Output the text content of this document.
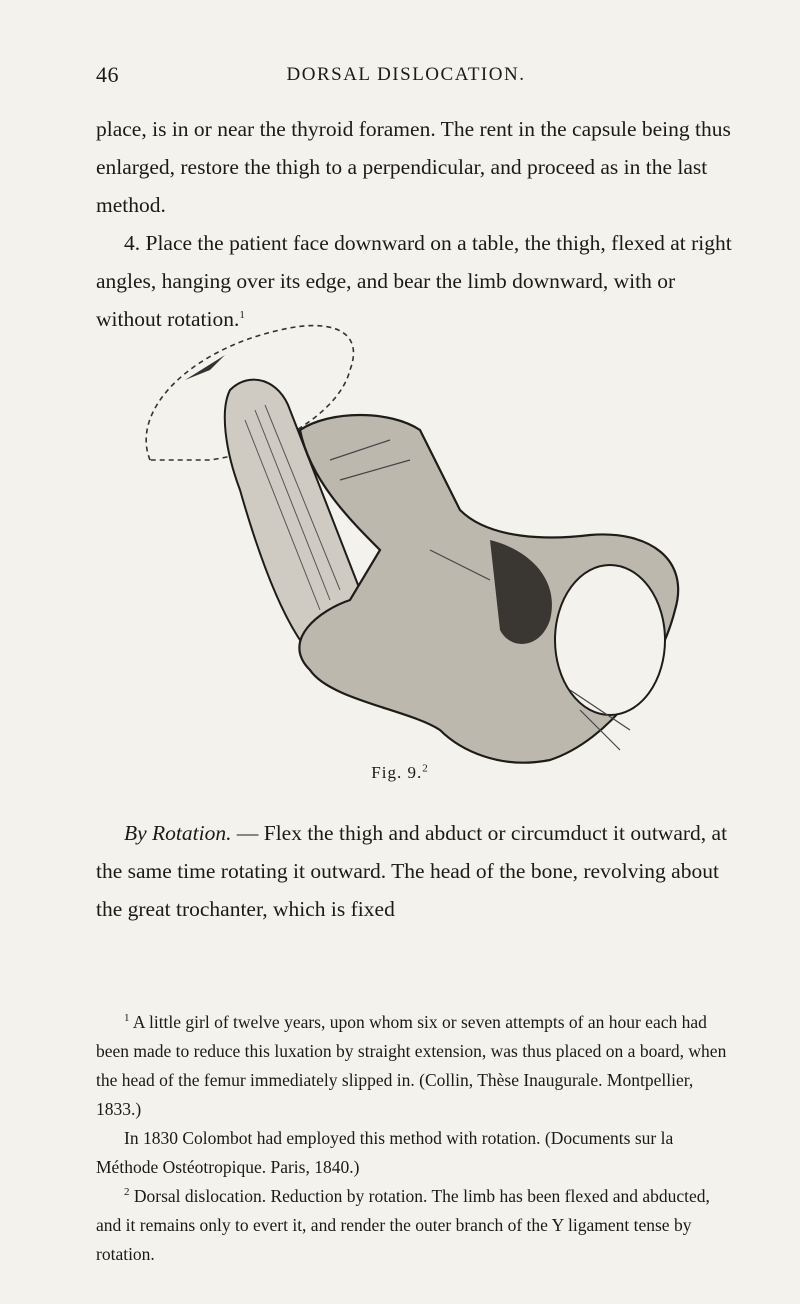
46	DORSAL DISLOCATION.

place, is in or near the thyroid foramen. The rent in the capsule being thus enlarged, restore the thigh to a perpendicular, and proceed as in the last method.

4. Place the patient face downward on a table, the thigh, flexed at right angles, hanging over its edge, and bear the limb downward, with or without rotation.$^1$

Fig. 9.$^2$

By Rotation. — Flex the thigh and abduct or circumduct it outward, at the same time rotating it outward. The head of the bone, revolving about the great trochanter, which is fixed

$^1$ A little girl of twelve years, upon whom six or seven attempts of an hour each had been made to reduce this luxation by straight extension, was thus placed on a board, when the head of the femur immediately slipped in. (Collin, Thèse Inaugurale. Montpellier, 1833.)

In 1830 Colombot had employed this method with rotation. (Documents sur la Méthode Ostéotropique. Paris, 1840.)

$^2$ Dorsal dislocation. Reduction by rotation. The limb has been flexed and abducted, and it remains only to evert it, and render the outer branch of the Y ligament tense by rotation.
